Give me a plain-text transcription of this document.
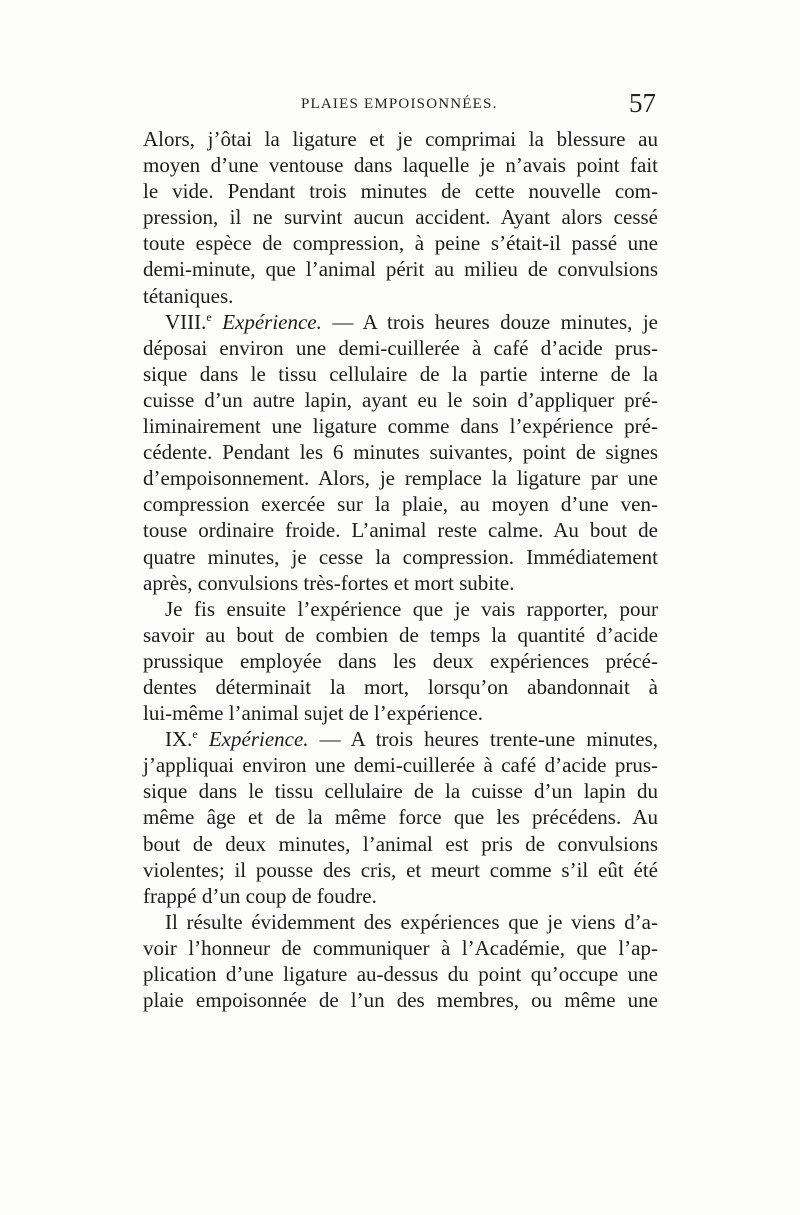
PLAIES EMPOISONNÉES.	57
Alors, j’ôtai la ligature et je comprimai la blessure au
moyen d’une ventouse dans laquelle je n’avais point fait
le vide. Pendant trois minutes de cette nouvelle com-
pression, il ne survint aucun accident. Ayant alors cessé
toute espèce de compression, à peine s’était-il passé une
demi-minute, que l’animal périt au milieu de convulsions
tétaniques.
VIII.$^e$ Expérience. — A trois heures douze minutes, je
déposai environ une demi-cuillerée à café d’acide prus-
sique dans le tissu cellulaire de la partie interne de la
cuisse d’un autre lapin, ayant eu le soin d’appliquer pré-
liminairement une ligature comme dans l’expérience pré-
cédente. Pendant les 6 minutes suivantes, point de signes
d’empoisonnement. Alors, je remplace la ligature par une
compression exercée sur la plaie, au moyen d’une ven-
touse ordinaire froide. L’animal reste calme. Au bout de
quatre minutes, je cesse la compression. Immédiatement
après, convulsions très-fortes et mort subite.
Je fis ensuite l’expérience que je vais rapporter, pour
savoir au bout de combien de temps la quantité d’acide
prussique employée dans les deux expériences précé-
dentes déterminait la mort, lorsqu’on abandonnait à
lui-même l’animal sujet de l’expérience.
IX.$^e$ Expérience. — A trois heures trente-une minutes,
j’appliquai environ une demi-cuillerée à café d’acide prus-
sique dans le tissu cellulaire de la cuisse d’un lapin du
même âge et de la même force que les précédens. Au
bout de deux minutes, l’animal est pris de convulsions
violentes; il pousse des cris, et meurt comme s’il eût été
frappé d’un coup de foudre.
Il résulte évidemment des expériences que je viens d’a-
voir l’honneur de communiquer à l’Académie, que l’ap-
plication d’une ligature au-dessus du point qu’occupe une
plaie empoisonnée de l’un des membres, ou même une
